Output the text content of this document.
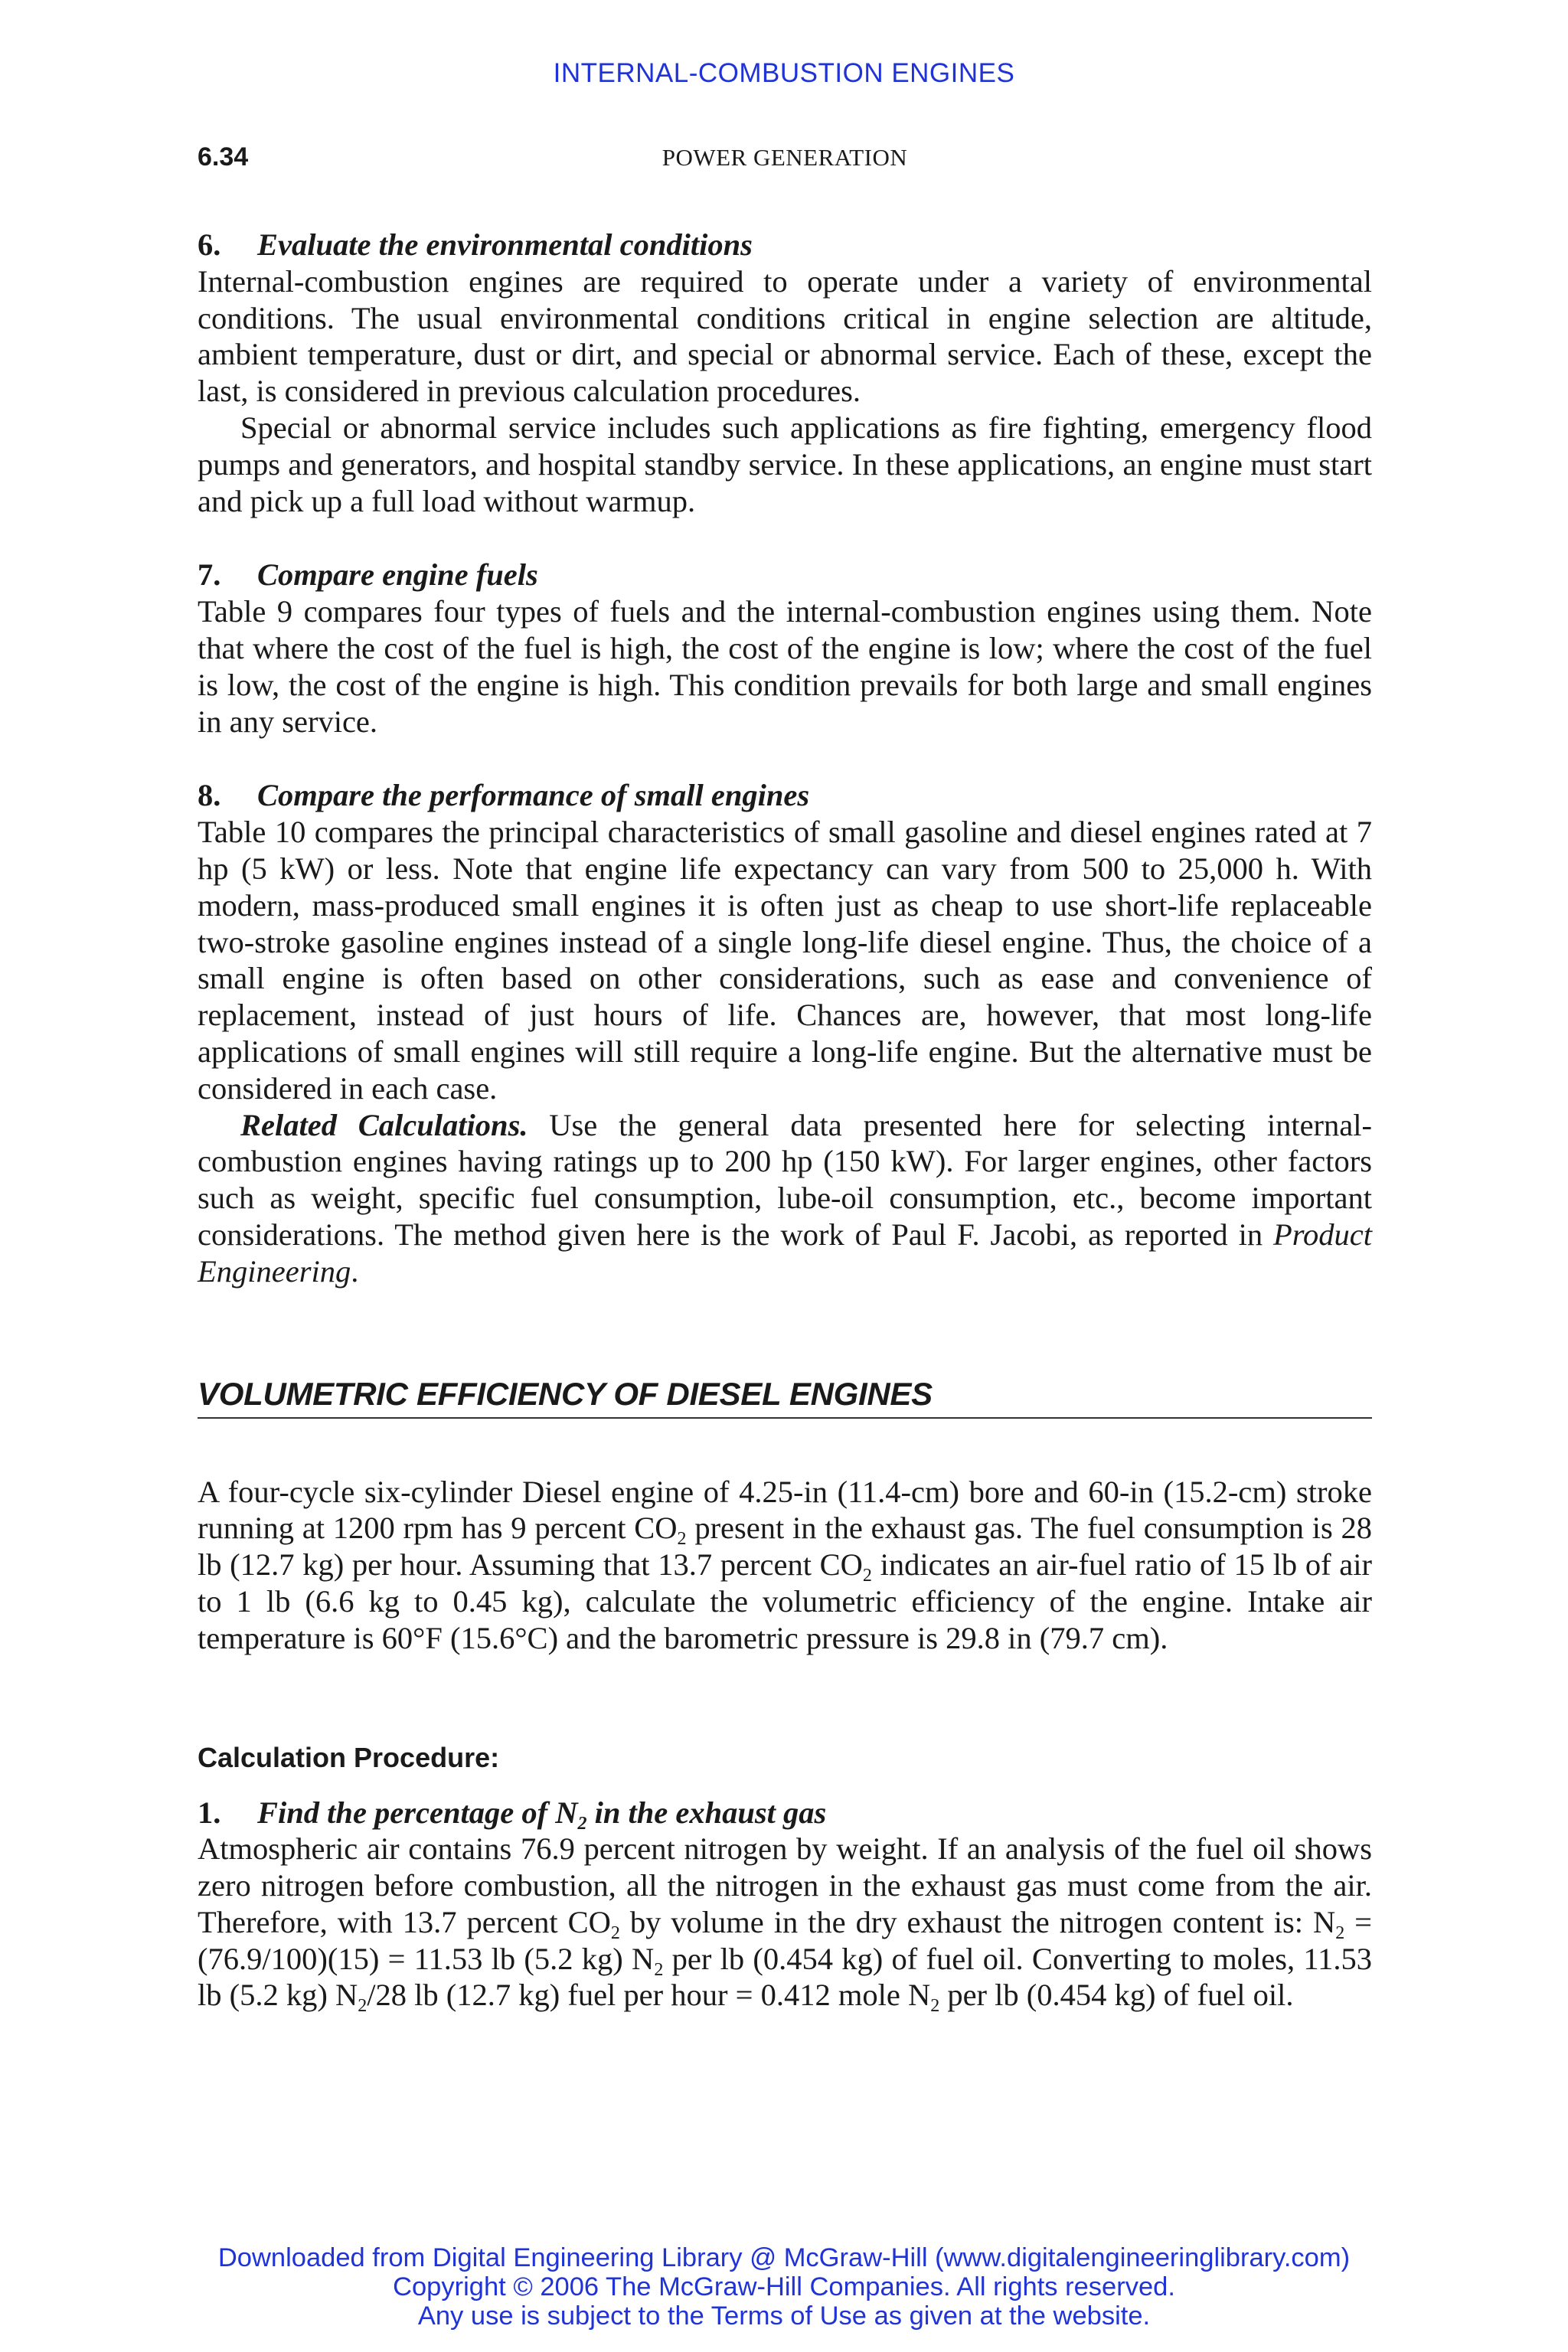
INTERNAL-COMBUSTION ENGINES
6.34	POWER GENERATION
6. Evaluate the environmental conditions

Internal-combustion engines are required to operate under a variety of environmental conditions. The usual environmental conditions critical in engine selection are altitude, ambient temperature, dust or dirt, and special or abnormal service. Each of these, except the last, is considered in previous calculation procedures.

Special or abnormal service includes such applications as fire fighting, emergency flood pumps and generators, and hospital standby service. In these applications, an engine must start and pick up a full load without warmup.

7. Compare engine fuels

Table 9 compares four types of fuels and the internal-combustion engines using them. Note that where the cost of the fuel is high, the cost of the engine is low; where the cost of the fuel is low, the cost of the engine is high. This condition prevails for both large and small engines in any service.

8. Compare the performance of small engines

Table 10 compares the principal characteristics of small gasoline and diesel engines rated at 7 hp (5 kW) or less. Note that engine life expectancy can vary from 500 to 25,000 h. With modern, mass-produced small engines it is often just as cheap to use short-life replaceable two-stroke gasoline engines instead of a single long-life diesel engine. Thus, the choice of a small engine is often based on other considerations, such as ease and convenience of replacement, instead of just hours of life. Chances are, however, that most long-life applications of small engines will still require a long-life engine. But the alternative must be considered in each case.

Related Calculations. Use the general data presented here for selecting internal-combustion engines having ratings up to 200 hp (150 kW). For larger engines, other factors such as weight, specific fuel consumption, lube-oil consumption, etc., become important considerations. The method given here is the work of Paul F. Jacobi, as reported in Product Engineering.

VOLUMETRIC EFFICIENCY OF DIESEL ENGINES

A four-cycle six-cylinder Diesel engine of 4.25-in (11.4-cm) bore and 60-in (15.2-cm) stroke running at 1200 rpm has 9 percent $CO_2$ present in the exhaust gas. The fuel consumption is 28 lb (12.7 kg) per hour. Assuming that 13.7 percent $CO_2$ indicates an air-fuel ratio of 15 lb of air to 1 lb (6.6 kg to 0.45 kg), calculate the volumetric efficiency of the engine. Intake air temperature is 60°F (15.6°C) and the barometric pressure is 29.8 in (79.7 cm).

Calculation Procedure:
1. Find the percentage of $N_2$ in the exhaust gas

Atmospheric air contains 76.9 percent nitrogen by weight. If an analysis of the fuel oil shows zero nitrogen before combustion, all the nitrogen in the exhaust gas must come from the air. Therefore, with 13.7 percent $CO_2$ by volume in the dry exhaust the nitrogen content is: $N_2 = (76.9/100)(15) = 11.53$ lb (5.2 kg) $N_2$ per lb (0.454 kg) of fuel oil. Converting to moles, 11.53 lb (5.2 kg) $N_2/28$ lb (12.7 kg) fuel per hour = 0.412 mole $N_2$ per lb (0.454 kg) of fuel oil.

Downloaded from Digital Engineering Library @ McGraw-Hill (www.digitalengineeringlibrary.com)
Copyright © 2006 The McGraw-Hill Companies. All rights reserved.
Any use is subject to the Terms of Use as given at the website.
